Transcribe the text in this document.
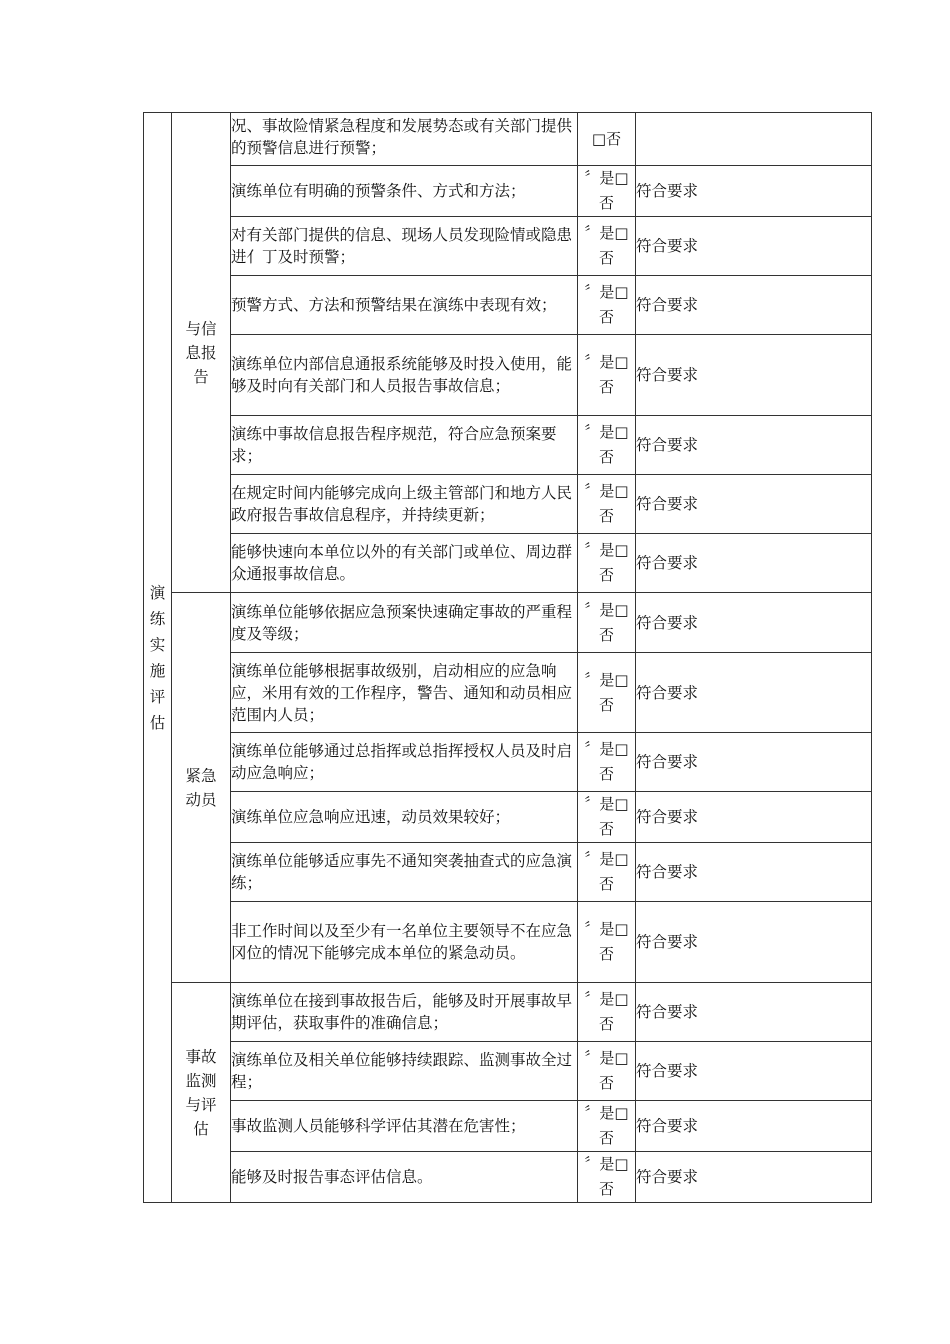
演练实施评估	与信息报告	况、事故险情紧急程度和发展势态或有关部门提供的预警信息进行预警；	□否	

		演练单位有明确的预警条件、方式和方法；	〞是□否	符合要求

		对有关部门提供的信息、现场人员发现险情或隐患进亻丁及时预警；	〞是□否	符合要求

		预警方式、方法和预警结果在演练中表现有效；	〞是□否	符合要求

		演练单位内部信息通报系统能够及时投入使用，能够及时向有关部门和人员报告事故信息；	〞是□否	符合要求

		演练中事故信息报告程序规范，符合应急预案要求；	〞是□否	符合要求

		在规定时间内能够完成向上级主管部门和地方人民政府报告事故信息程序，并持续更新；	〞是□否	符合要求

		能够快速向本单位以外的有关部门或单位、周边群众通报事故信息。	〞是□否	符合要求
	紧急动员	演练单位能够依据应急预案快速确定事故的严重程度及等级；	〞是□否	符合要求

		演练单位能够根据事故级别，启动相应的应急响应，米用有效的工作程序，警告、通知和动员相应范围内人员；	〞是□否	符合要求

		演练单位能够通过总指挥或总指挥授权人员及时启动应急响应；	〞是□否	符合要求

		演练单位应急响应迅速，动员效果较好；	〞是□否	符合要求

		演练单位能够适应事先不通知突袭抽查式的应急演练；	〞是□否	符合要求

		非工作时间以及至少有一名单位主要领导不在应急冈位的情况下能够完成本单位的紧急动员。	〞是□否	符合要求
	事故监测与评估	演练单位在接到事故报告后，能够及时开展事故早期评估，获取事件的准确信息；	〞是□否	符合要求

		演练单位及相关单位能够持续跟踪、监测事故全过程；	〞是□否	符合要求

		事故监测人员能够科学评估其潜在危害性；	〞是□否	符合要求

		能够及时报告事态评估信息。	〞是□否	符合要求
